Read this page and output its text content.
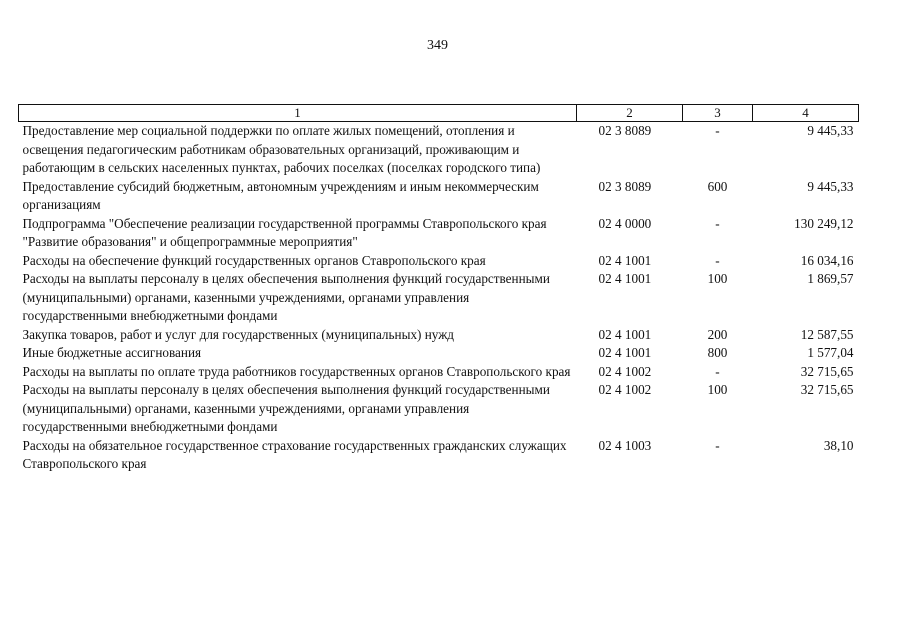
349
1	2	3	4
Предоставление мер социальной поддержки по оплате жилых помещений, отопления и освещения педагогическим работникам образовательных организаций, проживающим и работающим в сельских населенных пунктах, рабочих поселках (поселках городского типа)	02 3 8089	-	9 445,33
Предоставление субсидий бюджетным, автономным учреждениям и иным некоммерческим организациям	02 3 8089	600	9 445,33
Подпрограмма "Обеспечение реализации государственной программы Ставропольского края "Развитие образования" и общепрограммные мероприятия"	02 4 0000	-	130 249,12
Расходы на обеспечение функций государственных органов Ставропольского края	02 4 1001	-	16 034,16
Расходы на выплаты персоналу в целях обеспечения выполнения функций государственными (муниципальными) органами, казенными учреждениями, органами управления государственными внебюджетными фондами	02 4 1001	100	1 869,57
Закупка товаров, работ и услуг для государственных (муниципальных) нужд	02 4 1001	200	12 587,55
Иные бюджетные ассигнования	02 4 1001	800	1 577,04
Расходы на выплаты по оплате труда работников государственных органов Ставропольского края	02 4 1002	-	32 715,65
Расходы на выплаты персоналу в целях обеспечения выполнения функций государственными (муниципальными) органами, казенными учреждениями, органами управления государственными внебюджетными фондами	02 4 1002	100	32 715,65
Расходы на обязательное государственное страхование государственных гражданских служащих Ставропольского края	02 4 1003	-	38,10
